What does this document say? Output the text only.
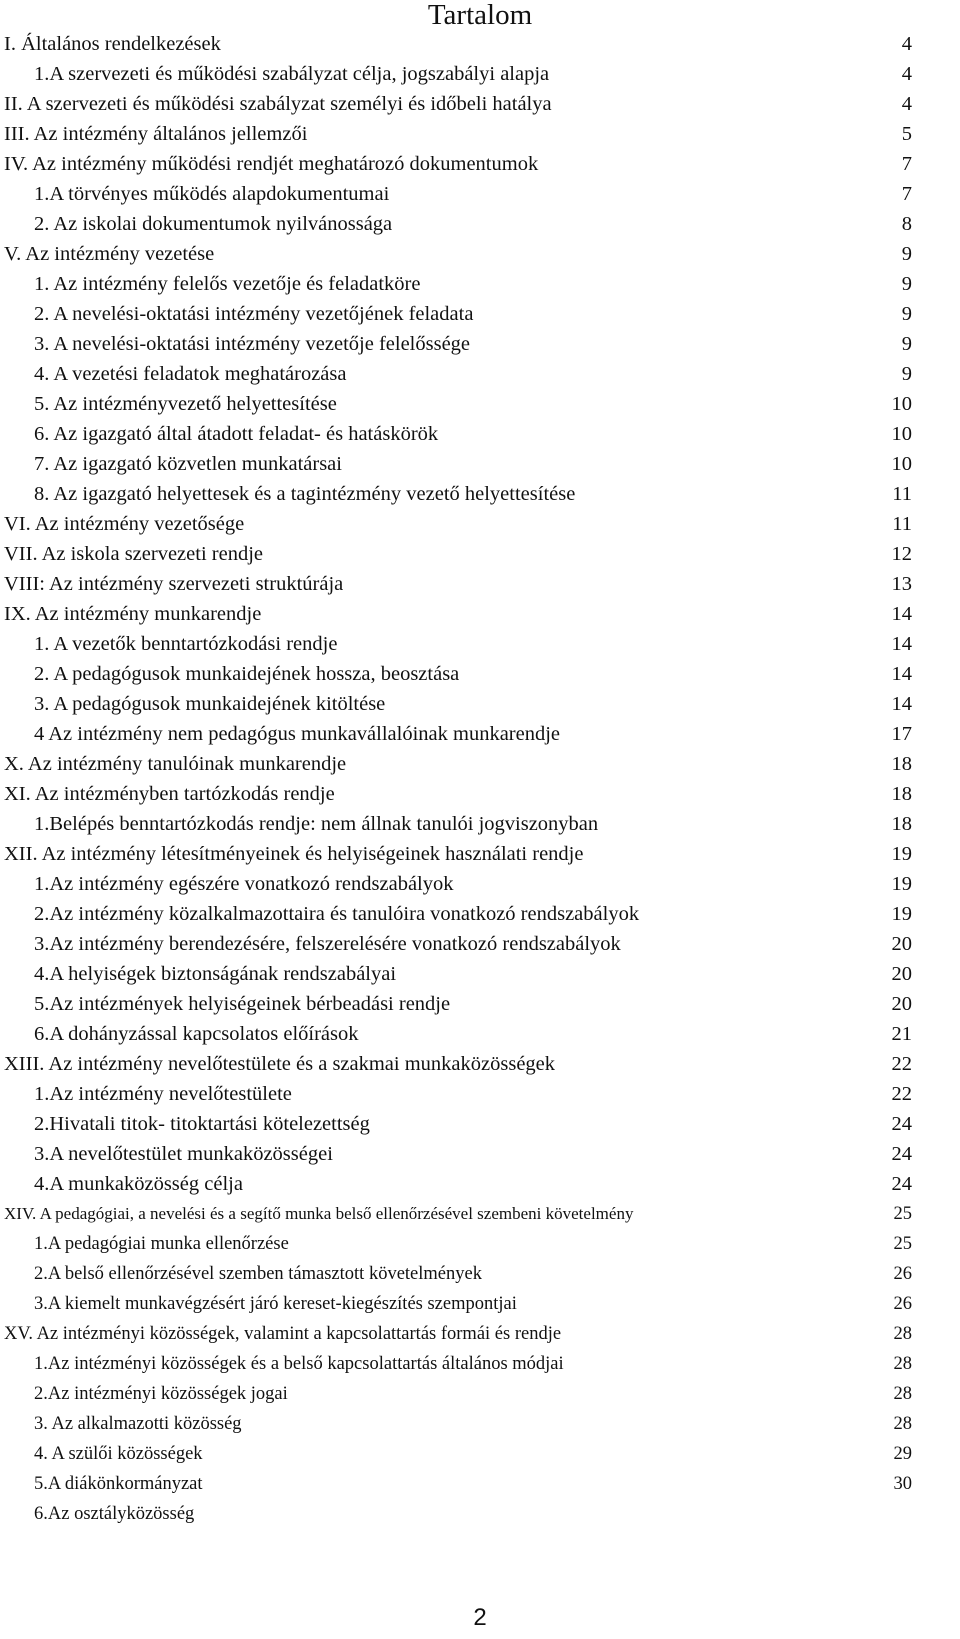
Tartalom
I. Általános rendelkezések	4
1.A szervezeti és működési szabályzat célja, jogszabályi alapja	4
II. A szervezeti és működési szabályzat személyi és időbeli hatálya	4
III. Az intézmény általános jellemzői	5
IV. Az intézmény működési rendjét meghatározó dokumentumok	7
1.A törvényes működés alapdokumentumai	7
2. Az iskolai dokumentumok nyilvánossága	8
V. Az intézmény vezetése	9
1. Az intézmény felelős vezetője és feladatköre	9
2. A nevelési-oktatási intézmény vezetőjének feladata	9
3. A nevelési-oktatási intézmény vezetője felelőssége	9
4. A vezetési feladatok meghatározása	9
5. Az intézményvezető helyettesítése	10
6. Az igazgató által átadott feladat- és hatáskörök	10
7. Az igazgató közvetlen munkatársai	10
8. Az igazgató helyettesek és a tagintézmény vezető helyettesítése	11
VI. Az intézmény vezetősége	11
VII. Az iskola szervezeti rendje	12
VIII: Az intézmény szervezeti struktúrája	13
IX. Az intézmény munkarendje	14
1. A vezetők benntartózkodási rendje	14
2. A pedagógusok munkaidejének hossza, beosztása	14
3. A pedagógusok munkaidejének kitöltése	14
4 Az intézmény nem pedagógus munkavállalóinak munkarendje	17
X. Az intézmény tanulóinak munkarendje	18
XI. Az intézményben tartózkodás rendje	18
1.Belépés benntartózkodás rendje: nem állnak tanulói jogviszonyban	18
XII. Az intézmény létesítményeinek és helyiségeinek használati rendje	19
1.Az intézmény egészére vonatkozó rendszabályok	19
2.Az intézmény közalkalmazottaira és tanulóira vonatkozó rendszabályok	19
3.Az intézmény berendezésére, felszerelésére vonatkozó rendszabályok	20
4.A helyiségek biztonságának rendszabályai	20
5.Az intézmények helyiségeinek bérbeadási rendje	20
6.A dohányzással kapcsolatos előírások	21
XIII. Az intézmény nevelőtestülete és a szakmai munkaközösségek	22
1.Az intézmény nevelőtestülete	22
2.Hivatali titok- titoktartási kötelezettség	24
3.A nevelőtestület munkaközösségei	24
4.A munkaközösség célja	24
XIV. A pedagógiai, a nevelési és a segítő munka belső ellenőrzésével szembeni követelmény	25
1.A pedagógiai munka ellenőrzése	25
2.A belső ellenőrzésével szemben támasztott követelmények	26
3.A kiemelt munkavégzésért járó kereset-kiegészítés szempontjai	26
XV. Az intézményi közösségek, valamint a kapcsolattartás formái és rendje	28
1.Az intézményi közösségek és a belső kapcsolattartás általános módjai	28
2.Az intézményi közösségek jogai	28
3. Az alkalmazotti közösség	28
4. A szülői közösségek	29
5.A diákönkormányzat	30
6.Az osztályközösség
2
